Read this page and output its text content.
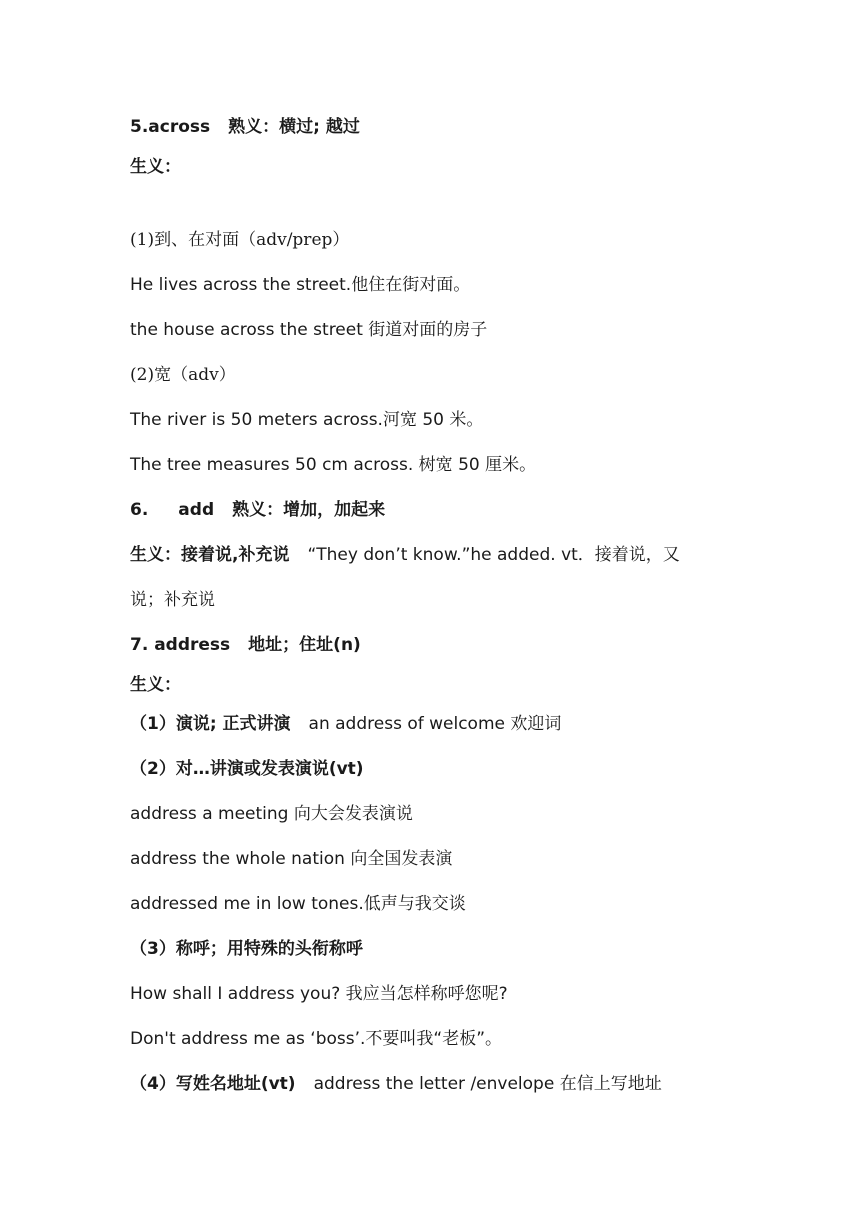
5.across 熟义：横过; 越过
生义：
(1)到、在对面（adv/prep）
He lives across the street.他住在街对面。
the house across the street 街道对面的房子
(2)宽（adv）
The river is 50 meters across.河宽 50 米。
The tree measures 50 cm across. 树宽 50 厘米。
6. add 熟义：增加，加起来
生义：接着说,补充说 “They don’t know.”he added. vt．接着说，又
说；补充说
7. address 地址；住址(n)
生义：
（1）演说; 正式讲演 an address of welcome 欢迎词
（2）对…讲演或发表演说(vt)
address a meeting 向大会发表演说
address the whole nation 向全国发表演
addressed me in low tones.低声与我交谈
（3）称呼；用特殊的头衔称呼
How shall I address you? 我应当怎样称呼您呢?
Don't address me as ‘boss’.不要叫我“老板”。
（4）写姓名地址(vt) address the letter /envelope 在信上写地址
